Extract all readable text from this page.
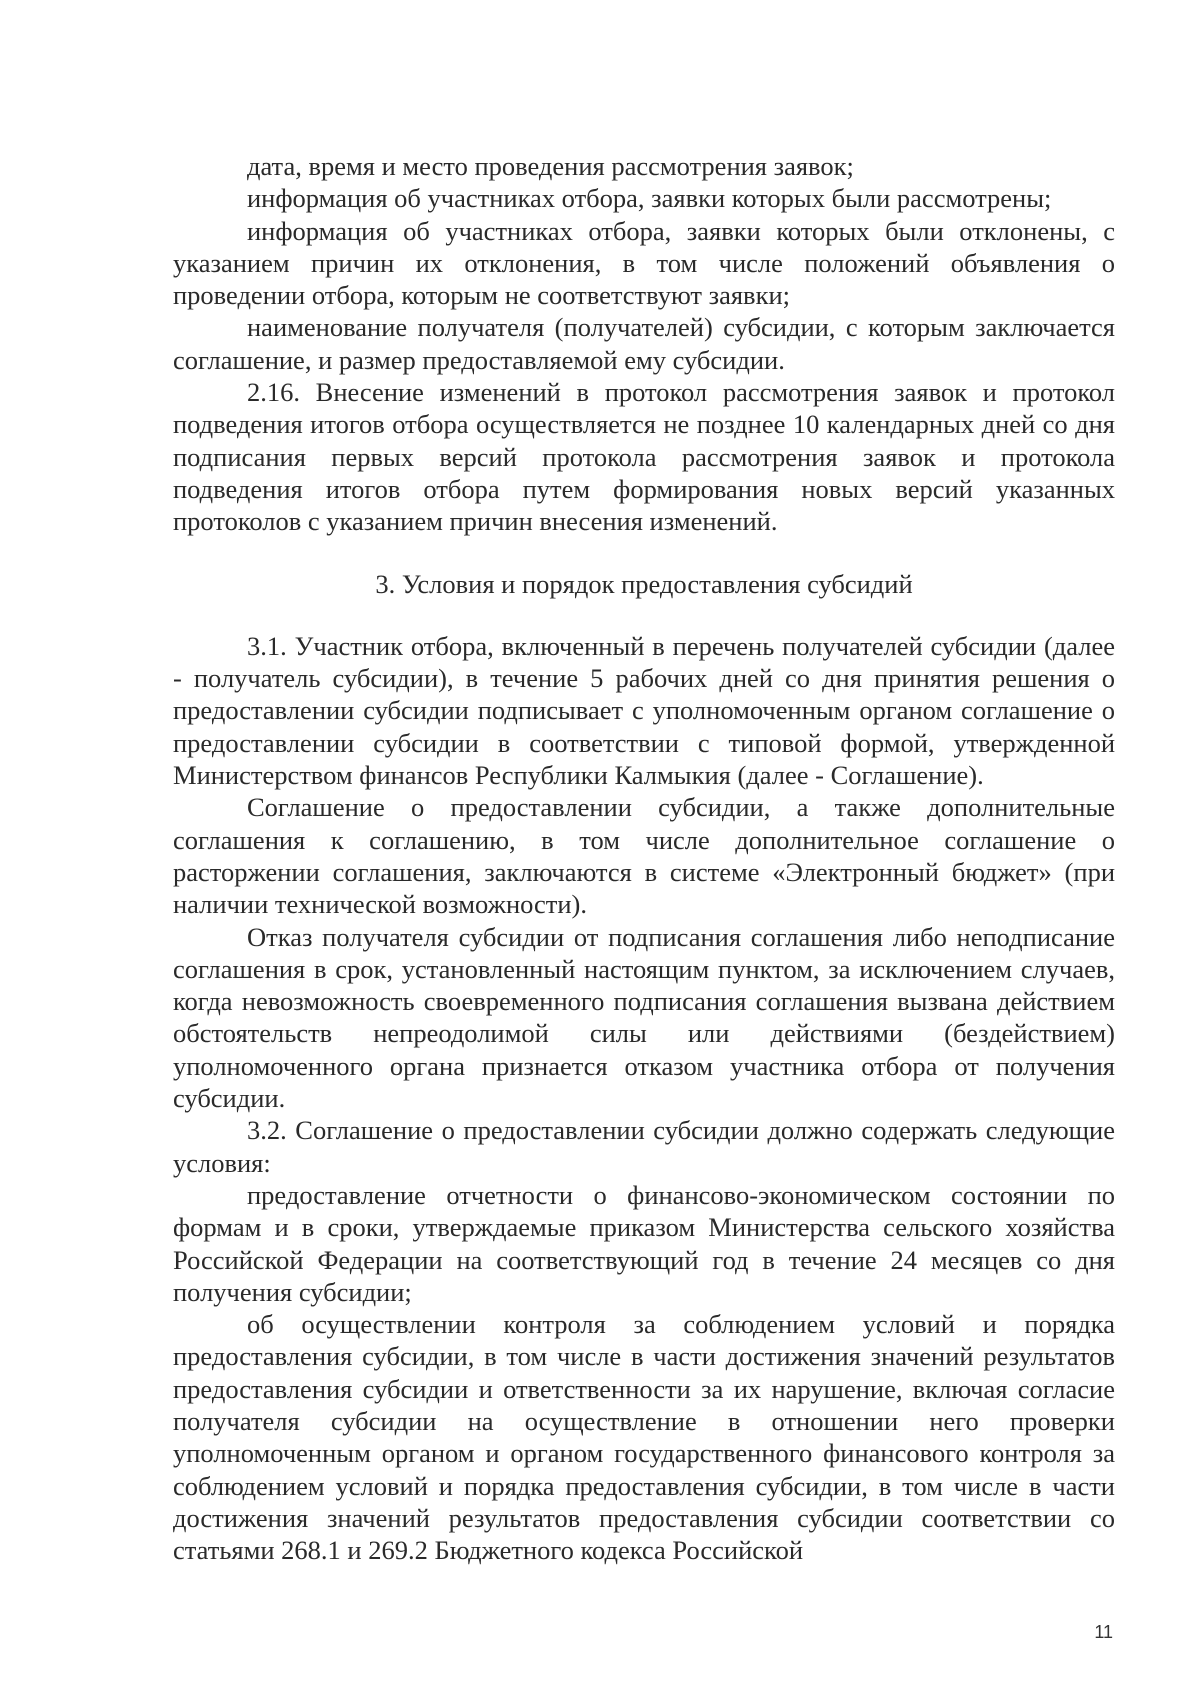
дата, время и место проведения рассмотрения заявок;

информация об участниках отбора, заявки которых были рассмотрены;

информация об участниках отбора, заявки которых были отклонены, с указанием причин их отклонения, в том числе положений объявления о проведении отбора, которым не соответствуют заявки;

наименование получателя (получателей) субсидии, с которым заключается соглашение, и размер предоставляемой ему субсидии.

2.16. Внесение изменений в протокол рассмотрения заявок и протокол подведения итогов отбора осуществляется не позднее 10 календарных дней со дня подписания первых версий протокола рассмотрения заявок и протокола подведения итогов отбора путем формирования новых версий указанных протоколов с указанием причин внесения изменений.

3. Условия и порядок предоставления субсидий

3.1. Участник отбора, включенный в перечень получателей субсидии (далее - получатель субсидии), в течение 5 рабочих дней со дня принятия решения о предоставлении субсидии подписывает с уполномоченным органом соглашение о предоставлении субсидии в соответствии с типовой формой, утвержденной Министерством финансов Республики Калмыкия (далее - Соглашение).

Соглашение о предоставлении субсидии, а также дополнительные соглашения к соглашению, в том числе дополнительное соглашение о расторжении соглашения, заключаются в системе «Электронный бюджет» (при наличии технической возможности).

Отказ получателя субсидии от подписания соглашения либо неподписание соглашения в срок, установленный настоящим пунктом, за исключением случаев, когда невозможность своевременного подписания соглашения вызвана действием обстоятельств непреодолимой силы или действиями (бездействием) уполномоченного органа признается отказом участника отбора от получения субсидии.

3.2. Соглашение о предоставлении субсидии должно содержать следующие условия:

предоставление отчетности о финансово-экономическом состоянии по формам и в сроки, утверждаемые приказом Министерства сельского хозяйства Российской Федерации на соответствующий год в течение 24 месяцев со дня получения субсидии;

об осуществлении контроля за соблюдением условий и порядка предоставления субсидии, в том числе в части достижения значений результатов предоставления субсидии и ответственности за их нарушение, включая согласие получателя субсидии на осуществление в отношении него проверки уполномоченным органом и органом государственного финансового контроля за соблюдением условий и порядка предоставления субсидии, в том числе в части достижения значений результатов предоставления субсидии соответствии со статьями 268.1 и 269.2 Бюджетного кодекса Российской

11
